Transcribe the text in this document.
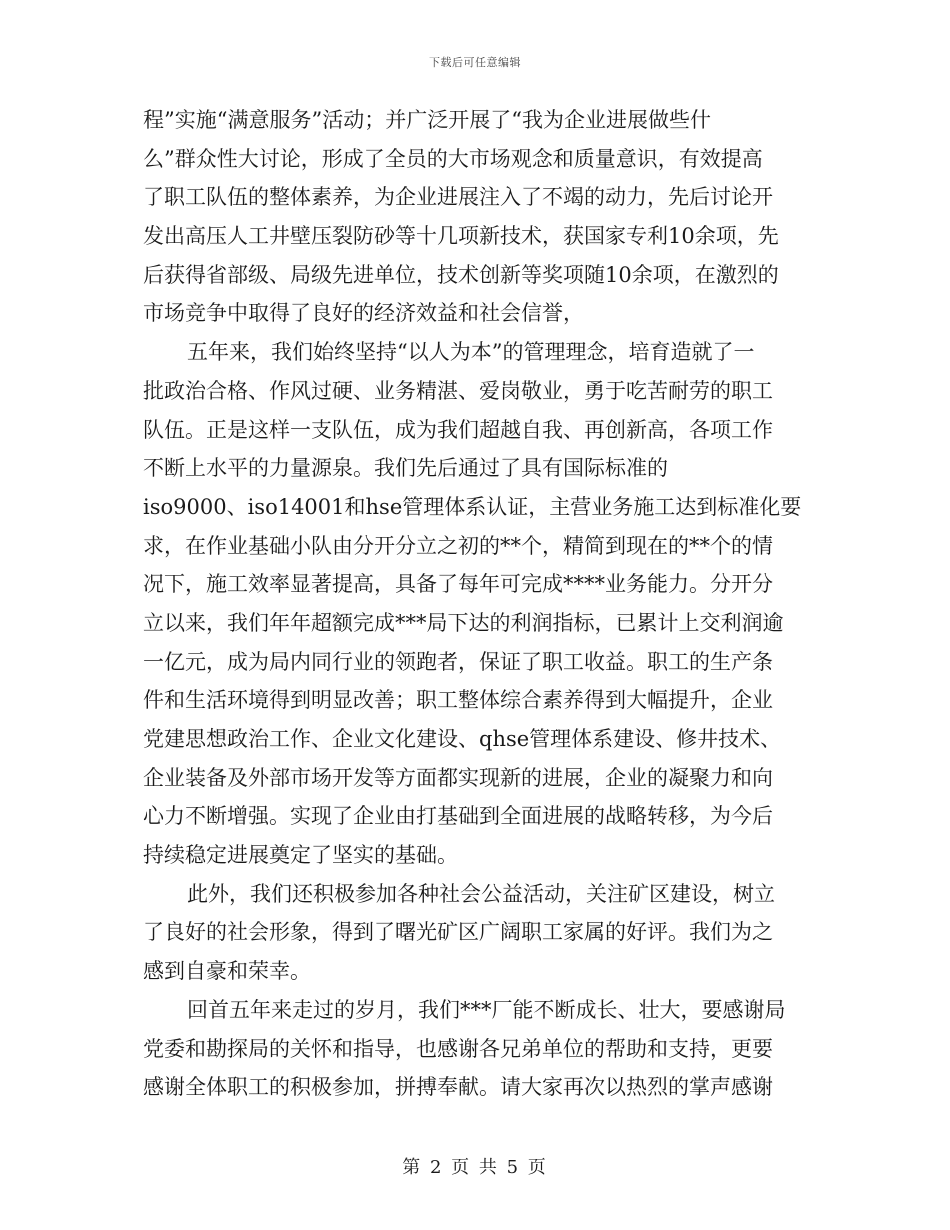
下载后可任意编辑
程”实施“满意服务”活动；并广泛开展了“我为企业进展做些什
么”群众性大讨论，形成了全员的大市场观念和质量意识，有效提高
了职工队伍的整体素养，为企业进展注入了不竭的动力，先后讨论开
发出高压人工井壁压裂防砂等十几项新技术，获国家专利10余项，先
后获得省部级、局级先进单位，技术创新等奖项随10余项，在激烈的
市场竞争中取得了良好的经济效益和社会信誉，
五年来，我们始终坚持“以人为本”的管理理念，培育造就了一
批政治合格、作风过硬、业务精湛、爱岗敬业，勇于吃苦耐劳的职工
队伍。正是这样一支队伍，成为我们超越自我、再创新高，各项工作
不断上水平的力量源泉。我们先后通过了具有国际标准的
iso9000、iso14001和hse管理体系认证，主营业务施工达到标准化要
求，在作业基础小队由分开分立之初的**个，精简到现在的**个的情
况下，施工效率显著提高，具备了每年可完成****业务能力。分开分
立以来，我们年年超额完成***局下达的利润指标，已累计上交利润逾
一亿元，成为局内同行业的领跑者，保证了职工收益。职工的生产条
件和生活环境得到明显改善；职工整体综合素养得到大幅提升，企业
党建思想政治工作、企业文化建设、qhse管理体系建设、修井技术、
企业装备及外部市场开发等方面都实现新的进展，企业的凝聚力和向
心力不断增强。实现了企业由打基础到全面进展的战略转移，为今后
持续稳定进展奠定了坚实的基础。
此外，我们还积极参加各种社会公益活动，关注矿区建设，树立
了良好的社会形象，得到了曙光矿区广阔职工家属的好评。我们为之
感到自豪和荣幸。
回首五年来走过的岁月，我们***厂能不断成长、壮大，要感谢局
党委和勘探局的关怀和指导，也感谢各兄弟单位的帮助和支持，更要
感谢全体职工的积极参加，拼搏奉献。请大家再次以热烈的掌声感谢
第 2 页 共 5 页
